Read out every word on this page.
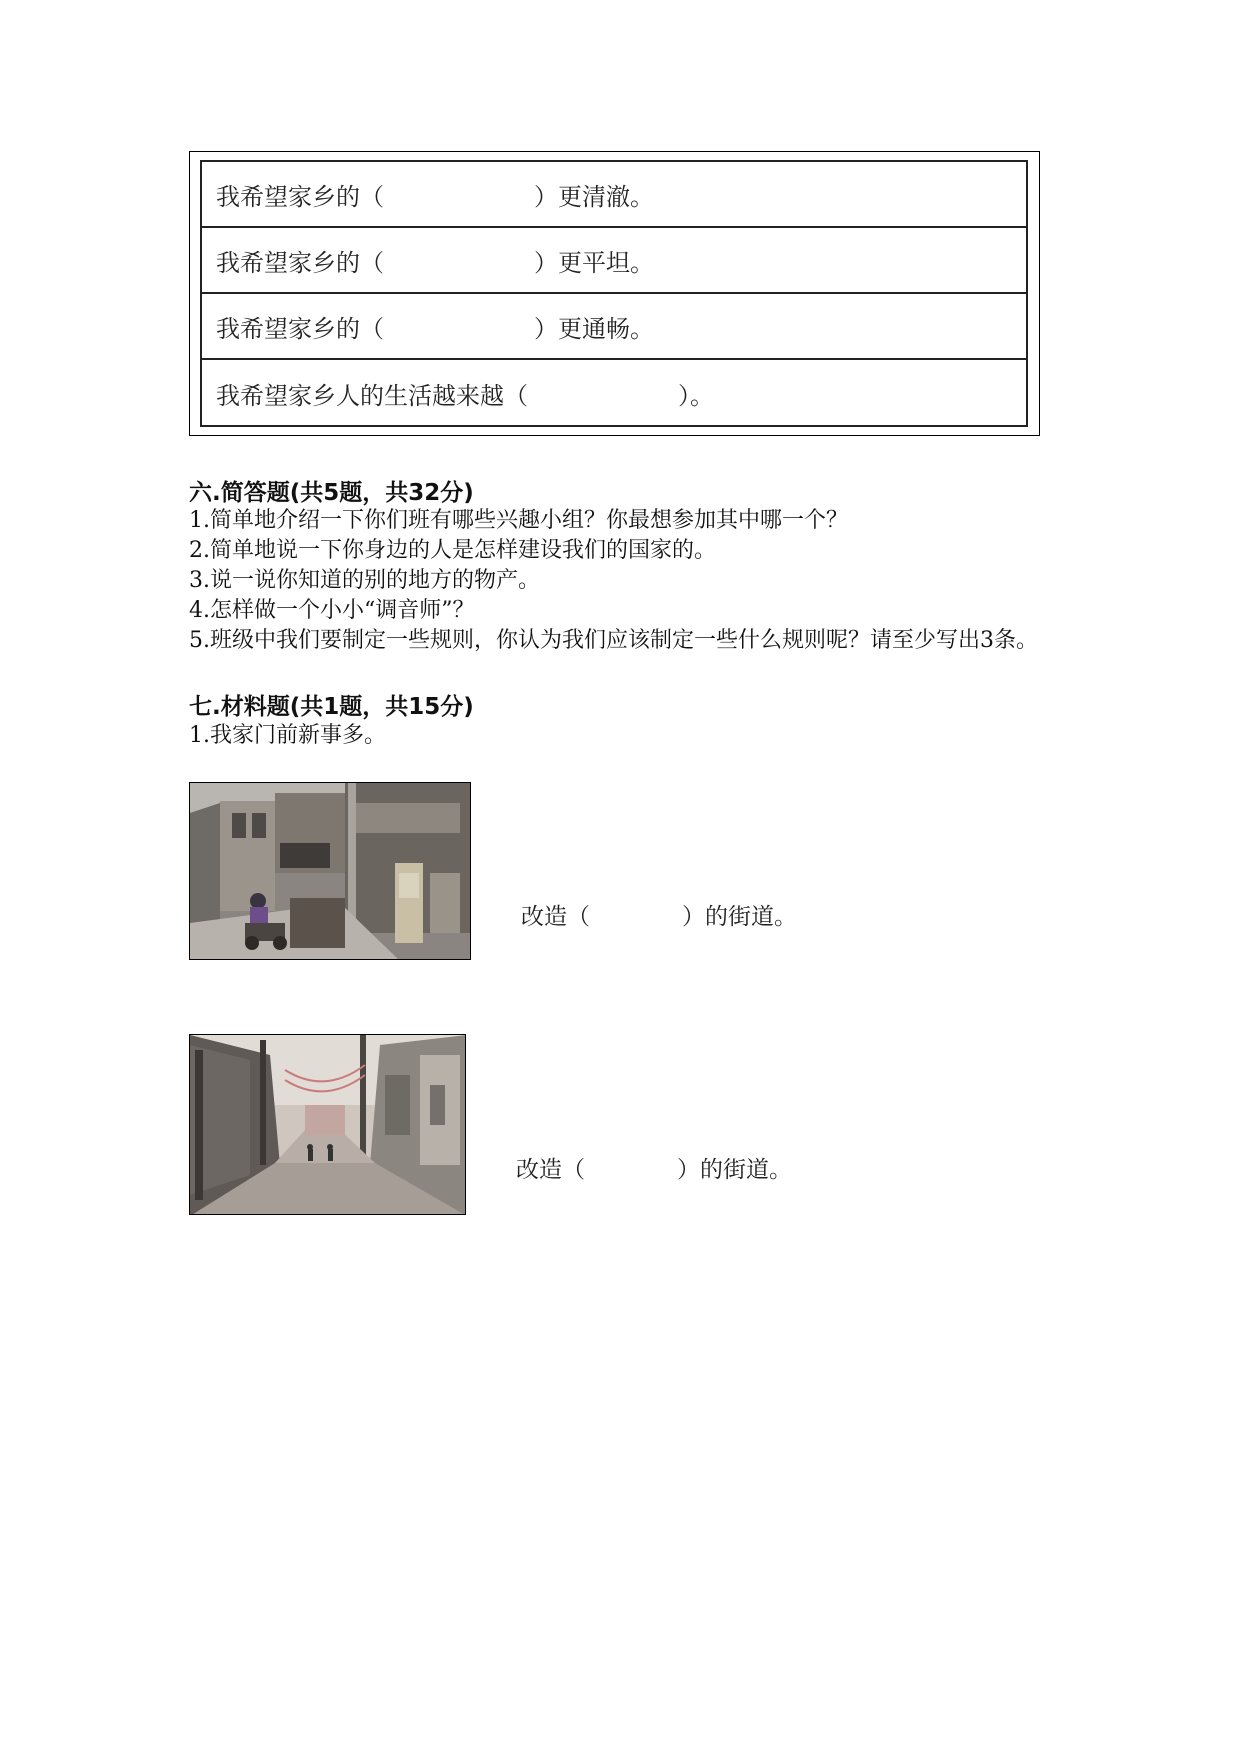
我希望家乡的（	）更清澈。
我希望家乡的（	）更平坦。
我希望家乡的（	）更通畅。
我希望家乡人的生活越来越（	）。
六.简答题(共5题，共32分)
1.简单地介绍一下你们班有哪些兴趣小组？你最想参加其中哪一个？
2.简单地说一下你身边的人是怎样建设我们的国家的。
3.说一说你知道的别的地方的物产。
4.怎样做一个小小“调音师”？
5.班级中我们要制定一些规则，你认为我们应该制定一些什么规则呢？请至少写出3条。
七.材料题(共1题，共15分)
1.我家门前新事多。
改造（　　　　）的街道。
改造（　　　　）的街道。
